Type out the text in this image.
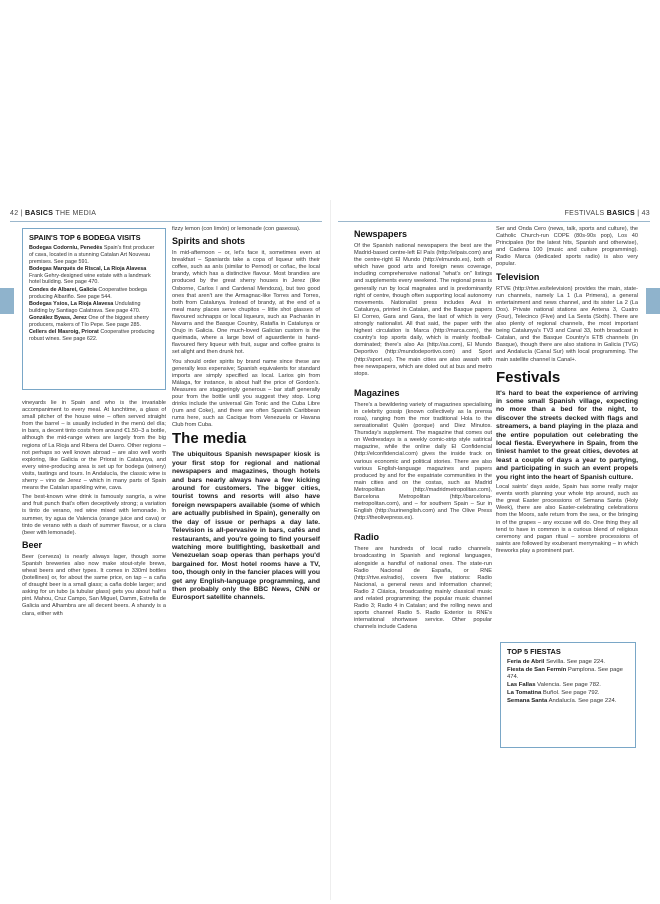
42 | BASICS THE MEDIA	FESTIVALS BASICS | 43
SPAIN'S TOP 6 BODEGA VISITS
Bodegas Codorníu, Penedès Spain's first producer of cava, located in a stunning Catalan Art Nouveau premises. See page 591.
Bodegas Marqués de Riscal, La Rioja Alavesa Frank Gehry-designed wine estate with a landmark hotel building. See page 470.
Condes de Albarei, Galicia Cooperative bodega producing Albariño. See page 544.
Bodegas Ysios, La Rioja Alavesa Undulating building by Santiago Calatrava. See page 470.
González Byass, Jerez One of the biggest sherry producers, makers of Tío Pepe. See page 285.
Cellers del Masroig, Priorat Cooperative producing robust wines. See page 622.

vineyards lie in Spain and who is the invariable accompaniment to every meal. At lunchtime, a glass of small pitcher of the house wine – often served straight from the barrel – is usually included in the menú del día; in bars, a decent tinto costs from around €1.50–3 a bottle, although the mid-range wines are largely from the big regions of La Rioja and Ribera del Duero. Other regions – not perhaps so well known abroad – are also well worth exploring, like Galicia or the Priorat in Catalunya, and every wine-producing area is set up for bodega (winery) visits, tastings and tours. In Andalucía, the classic wine is sherry – vino de Jerez – which in many parts of Spain means the Catalan sparkling wine, cava.

The best-known wine drink is famously sangría, a wine and fruit punch that's often deceptively strong; a variation is tinto de verano, red wine mixed with lemonade. In summer, try agua de Valencia (orange juice and cava) or tinto de verano with a dash of summer flavour, or a clara (beer with lemonade).

Beer

Beer (cerveza) is nearly always lager, though some Spanish breweries also now make stout-style brews, wheat beers and other types. It comes in 330ml bottles (botellines) or, for about the same price, on tap – a caña of draught beer is a small glass; a caña doble larger; and asking for un tubo (a tubular glass) gets you about half a pint. Mahou, Cruz Campo, San Miguel, Damm, Estrella de Galicia and Alhambra are all decent beers. A shandy is a clara, either with

fizzy lemon (con limón) or lemonade (con gaseosa).

Spirits and shots

In mid-afternoon – or, let's face it, sometimes even at breakfast – Spaniards take a copa of liqueur with their coffee, such as anís (similar to Pernod) or coñac, the local brandy, which has a distinctive flavour. Most brandies are produced by the great sherry houses in Jerez (like Osborne, Carlos I and Cardenal Mendoza), but two good ones that aren't are the Armagnac-like Torres and Torres, both from Catalunya. Instead of brandy, at the end of a meal many places serve chupitos – little shot glasses of flavoured schnapps or local liqueurs, such as Pacharán in Navarra and the Basque Country, Ratafía in Catalunya or Orujo in Galicia. One much-loved Galician custom is the queimada, where a large bowl of aguardiente is hand-flavoured fiery liqueur with fruit, sugar and coffee grains is set alight and then drunk hot.

You should order spirits by brand name since these are generally less expensive; Spanish equivalents for standard imports are simply specified as local. Larios gin from Málaga, for instance, is about half the price of Gordon's. Measures are staggeringly generous – bar staff generally pour from the bottle until you suggest they stop. Long drinks include the universal Gin Tonic and the Cuba Libre (rum and Coke), and there are often Spanish Caribbean rums here, such as Cacique from Venezuela or Havana Club from Cuba.

The media

The ubiquitous Spanish newspaper kiosk is your first stop for regional and national newspapers and magazines, though hotels and bars nearly always have a few kicking around for customers. The bigger cities, tourist towns and resorts will also have foreign newspapers available (some of which are actually published in Spain), generally on the day of issue or perhaps a day late. Television is all-pervasive in bars, cafés and restaurants, and you're going to find yourself watching more bullfighting, basketball and Venezuelan soap operas than perhaps you'd bargained for. Most hotel rooms have a TV, too, though only in the fancier places will you get any English-language programming, and then probably only the BBC News, CNN or Eurosport satellite channels.

Newspapers

Of the Spanish national newspapers the best are the Madrid-based centre-left El País (http://elpais.com) and the centre-right El Mundo (http://elmundo.es), both of which have good arts and foreign news coverage, including comprehensive national "what's on" listings and supplements every weekend. The regional press is generally run by local magnates and is predominantly right of centre, though often supporting local autonomy movements. Nationalist press includes Avui in Catalunya, printed in Catalan, and the Basque papers El Correo, Gara and Gara, the last of which is very strongly nationalist. All that said, the paper with the highest circulation is Marca (http://marca.com), the country's top sports daily, which is mainly football-dominated; there's also As (http://as.com), El Mundo Deportivo (http://mundodeportivo.com) and Sport (http://sport.es). The main cities are also awash with free newspapers, which are doled out at bus and metro stops.

Magazines

There's a bewildering variety of magazines specialising in celebrity gossip (known collectively as la prensa rosa), ranging from the mor traditional Hola to the sensationalist Quién (porque) and Diez Minutos. Thursday's supplement. The magazine that comes out on Wednesdays is a weekly comic-strip style satirical magazine, while the online daily El Confidencial (http://elconfidencial.com) gives the inside track on various economic and political stories. There are also various English-language magazines and papers produced by and for the expatriate communities in the main cities and on the costas, such as Madrid Metropolitan (http://madridmetropolitan.com), Barcelona Metropolitan (http://barcelona-metropolitan.com), and – for southern Spain – Sur in English (http://surinenglish.com) and The Olive Press (http://theolivepress.es).

Radio

There are hundreds of local radio channels, broadcasting in Spanish and regional languages, alongside a handful of national ones. The state-run Radio Nacional de España, or RNE (http://rtve.es/radio), covers five stations: Radio Nacional, a general news and information channel; Radio 2 Clásica, broadcasting mainly classical music and related programming; the popular music channel Radio 3; Radio 4 in Catalan; and the rolling news and sports channel Radio 5. Radio Exterior is RNE's international shortwave service. Other popular channels include Cadena

Ser and Onda Cero (news, talk, sports and culture), the Catholic Church-run COPE (80s-90s pop), Los 40 Principales (for the latest hits, Spanish and otherwise), and Cadena 100 (music and culture programming). Radio Marca (dedicated sports radio) is also very popular.

Television

RTVE (http://rtve.es/television) provides the main, state-run channels, namely La 1 (La Primera), a general entertainment and news channel, and its sister La 2 (La Dos). Private national stations are Antena 3, Cuatro (Four), Telecinco (Five) and La Sexta (Sixth). There are also plenty of regional channels, the most important being Catalunya's TV3 and Canal 33, both broadcast in Catalan, and the Basque Country's ETB channels (in Basque), though there are also stations in Galicia (TVG) and Andalucía (Canal Sur) with local programming. The main satellite channel is Canal+.

Festivals

It's hard to beat the experience of arriving in some small Spanish village, expecting no more than a bed for the night, to discover the streets decked with flags and streamers, a band playing in the plaza and the entire population out celebrating the local fiesta. Everywhere in Spain, from the tiniest hamlet to the great cities, devotes at least a couple of days a year to partying, and participating in such an event propels you right into the heart of Spanish culture.

Local saints' days aside, Spain has some really major events worth planning your whole trip around, such as the great Easter processions of Semana Santa (Holy Week), there are also Easter-celebrating celebrations from the Moors, safe return from the sea, or the bringing in of the grapes – any excuse will do. One thing they all tend to have in common is a curious blend of religious ceremony and pagan ritual – sombre processions of saints are followed by exuberant merrymaking – in which fireworks play a prominent part.

TOP 5 FIESTAS
Feria de Abril Sevilla. See page 224.
Fiesta de San Fermín Pamplona. See page 474.
Las Fallas Valencia. See page 782.
La Tomatina Buñol. See page 792.
Semana Santa Andalucía. See page 224.
